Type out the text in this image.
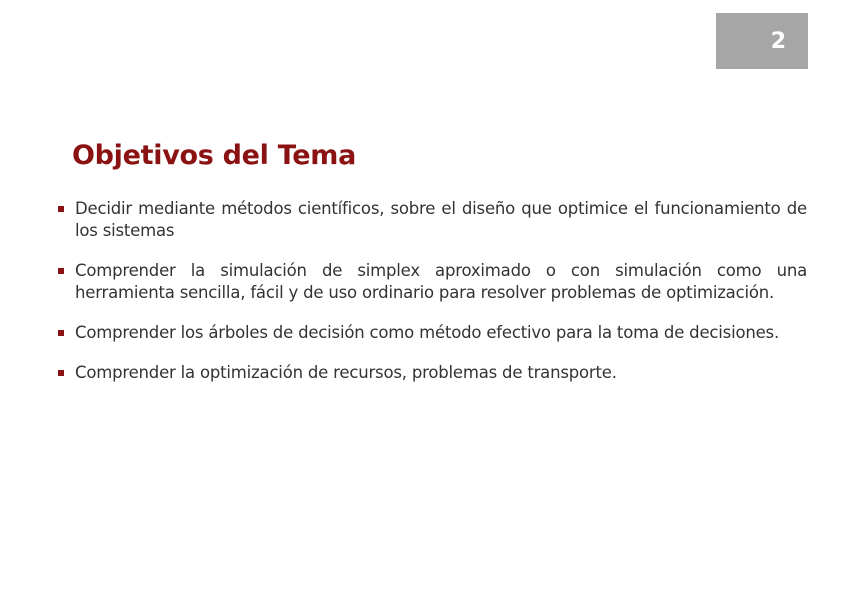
2
Objetivos del Tema
Decidir mediante métodos científicos, sobre el diseño que optimice el funcionamiento de los sistemas
Comprender la simulación de simplex aproximado o con simulación como una herramienta sencilla, fácil y de uso ordinario para resolver problemas de optimización.
Comprender los árboles de decisión como método efectivo para la toma de decisiones.
Comprender la optimización de recursos, problemas de transporte.
